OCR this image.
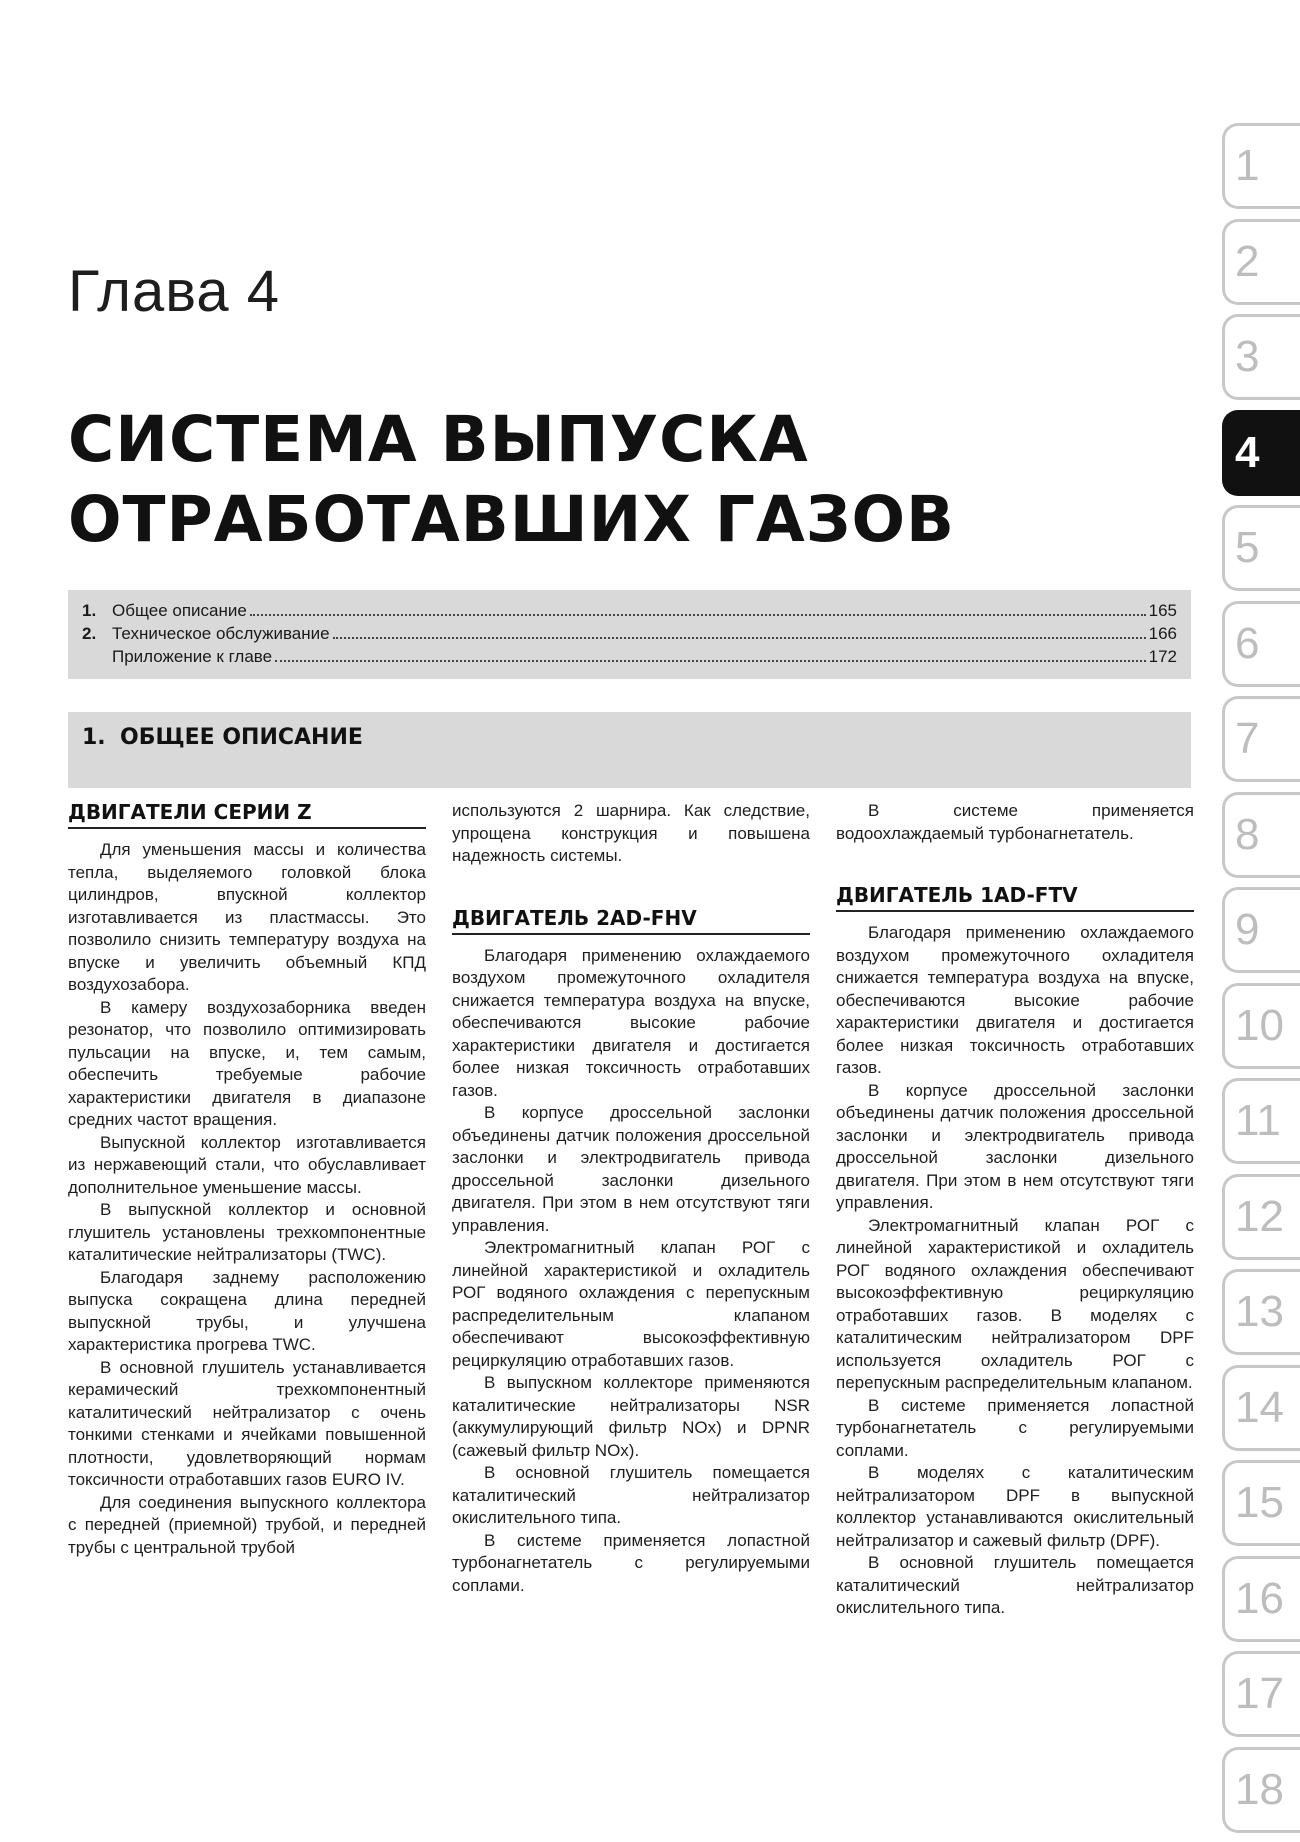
Глава 4
СИСТЕМА ВЫПУСКА
ОТРАБОТАВШИХ ГАЗОВ
1. Общее описание	165
2. Техническое обслуживание	166
Приложение к главе	172
1. ОБЩЕЕ ОПИСАНИЕ
ДВИГАТЕЛИ СЕРИИ Z

Для уменьшения массы и количества тепла, выделяемого головкой блока цилиндров, впускной коллектор изготавливается из пластмассы. Это позволило снизить температуру воздуха на впуске и увеличить объемный КПД воздухозабора.

В камеру воздухозаборника введен резонатор, что позволило оптимизировать пульсации на впуске, и, тем самым, обеспечить требуемые рабочие характеристики двигателя в диапазоне средних частот вращения.

Выпускной коллектор изготавливается из нержавеющий стали, что обуславливает дополнительное уменьшение массы.

В выпускной коллектор и основной глушитель установлены трехкомпонентные каталитические нейтрализаторы (TWC).

Благодаря заднему расположению выпуска сокращена длина передней выпускной трубы, и улучшена характеристика прогрева TWC.

В основной глушитель устанавливается керамический трехкомпонентный каталитический нейтрализатор с очень тонкими стенками и ячейками повышенной плотности, удовлетворяющий нормам токсичности отработавших газов EURO IV.

Для соединения выпускного коллектора с передней (приемной) трубой, и передней трубы с центральной трубой

используются 2 шарнира. Как следствие, упрощена конструкция и повышена надежность системы.

ДВИГАТЕЛЬ 2AD-FHV

Благодаря применению охлаждаемого воздухом промежуточного охладителя снижается температура воздуха на впуске, обеспечиваются высокие рабочие характеристики двигателя и достигается более низкая токсичность отработавших газов.

В корпусе дроссельной заслонки объединены датчик положения дроссельной заслонки и электродвигатель привода дроссельной заслонки дизельного двигателя. При этом в нем отсутствуют тяги управления.

Электромагнитный клапан РОГ с линейной характеристикой и охладитель РОГ водяного охлаждения с перепускным распределительным клапаном обеспечивают высокоэффективную рециркуляцию отработавших газов.

В выпускном коллекторе применяются каталитические нейтрализаторы NSR (аккумулирующий фильтр NOx) и DPNR (сажевый фильтр NOx).

В основной глушитель помещается каталитический нейтрализатор окислительного типа.

В системе применяется лопастной турбонагнетатель с регулируемыми соплами.

В системе применяется водоохлаждаемый турбонагнетатель.

ДВИГАТЕЛЬ 1AD-FTV

Благодаря применению охлаждаемого воздухом промежуточного охладителя снижается температура воздуха на впуске, обеспечиваются высокие рабочие характеристики двигателя и достигается более низкая токсичность отработавших газов.

В корпусе дроссельной заслонки объединены датчик положения дроссельной заслонки и электродвигатель привода дроссельной заслонки дизельного двигателя. При этом в нем отсутствуют тяги управления.

Электромагнитный клапан РОГ с линейной характеристикой и охладитель РОГ водяного охлаждения обеспечивают высокоэффективную рециркуляцию отработавших газов. В моделях с каталитическим нейтрализатором DPF используется охладитель РОГ с перепускным распределительным клапаном.

В системе применяется лопастной турбонагнетатель с регулируемыми соплами.

В моделях с каталитическим нейтрализатором DPF в выпускной коллектор устанавливаются окислительный нейтрализатор и сажевый фильтр (DPF).

В основной глушитель помещается каталитический нейтрализатор окислительного типа.

1
2
3
4
5
6
7
8
9
10
11
12
13
14
15
16
17
18
